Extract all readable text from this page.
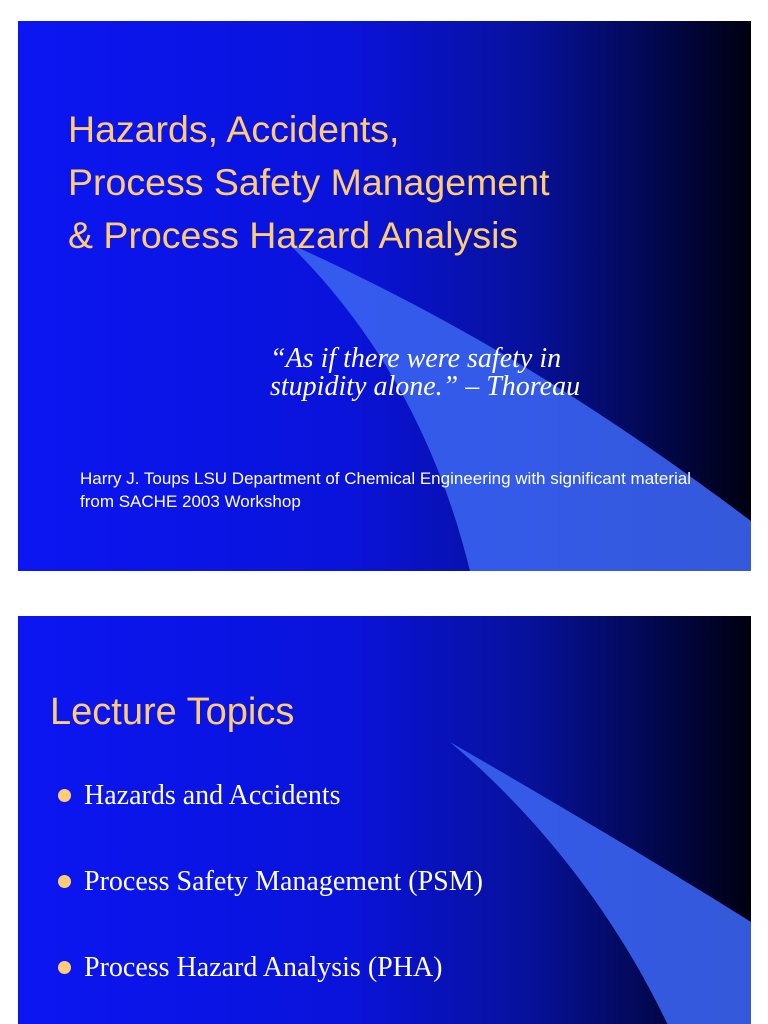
Hazards, Accidents,
Process Safety Management
& Process Hazard Analysis
“As if there were safety in
stupidity alone.” – Thoreau
Harry J. Toups LSU Department of Chemical Engineering with significant material from SACHE 2003 Workshop
Lecture Topics
Hazards and Accidents
Process Safety Management (PSM)
Process Hazard Analysis (PHA)
